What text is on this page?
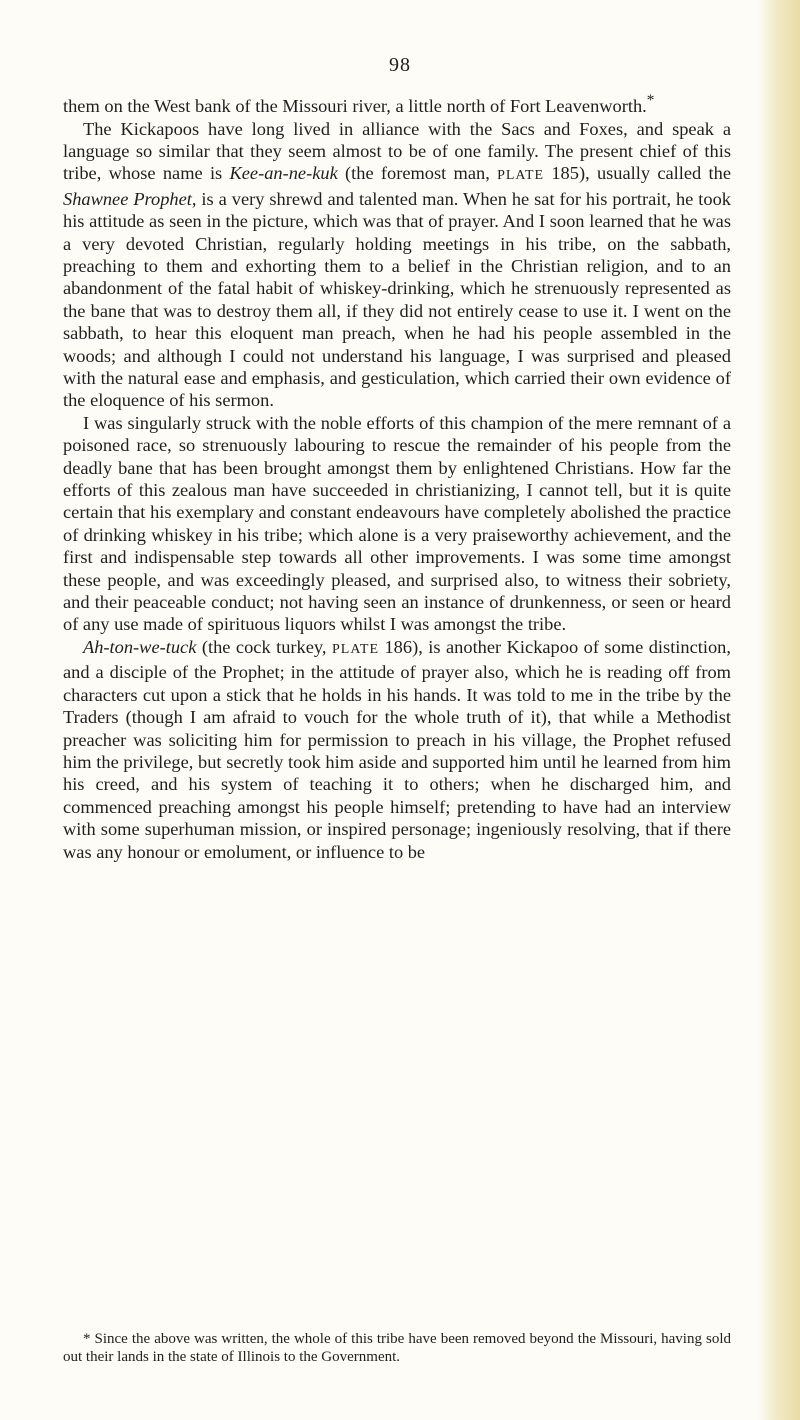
98

them on the West bank of the Missouri river, a little north of Fort Leavenworth.*

The Kickapoos have long lived in alliance with the Sacs and Foxes, and speak a language so similar that they seem almost to be of one family. The present chief of this tribe, whose name is Kee-an-ne-kuk (the foremost man, PLATE 185), usually called the Shawnee Prophet, is a very shrewd and talented man. When he sat for his portrait, he took his attitude as seen in the picture, which was that of prayer. And I soon learned that he was a very devoted Christian, regularly holding meetings in his tribe, on the sabbath, preaching to them and exhorting them to a belief in the Christian religion, and to an abandonment of the fatal habit of whiskey-drinking, which he strenuously represented as the bane that was to destroy them all, if they did not entirely cease to use it. I went on the sabbath, to hear this eloquent man preach, when he had his people assembled in the woods; and although I could not understand his language, I was surprised and pleased with the natural ease and emphasis, and gesticulation, which carried their own evidence of the eloquence of his sermon.

I was singularly struck with the noble efforts of this champion of the mere remnant of a poisoned race, so strenuously labouring to rescue the remainder of his people from the deadly bane that has been brought amongst them by enlightened Christians. How far the efforts of this zealous man have succeeded in christianizing, I cannot tell, but it is quite certain that his exemplary and constant endeavours have completely abolished the practice of drinking whiskey in his tribe; which alone is a very praiseworthy achievement, and the first and indispensable step towards all other improvements. I was some time amongst these people, and was exceedingly pleased, and surprised also, to witness their sobriety, and their peaceable conduct; not having seen an instance of drunkenness, or seen or heard of any use made of spirituous liquors whilst I was amongst the tribe.

Ah-ton-we-tuck (the cock turkey, PLATE 186), is another Kickapoo of some distinction, and a disciple of the Prophet; in the attitude of prayer also, which he is reading off from characters cut upon a stick that he holds in his hands. It was told to me in the tribe by the Traders (though I am afraid to vouch for the whole truth of it), that while a Methodist preacher was soliciting him for permission to preach in his village, the Prophet refused him the privilege, but secretly took him aside and supported him until he learned from him his creed, and his system of teaching it to others; when he discharged him, and commenced preaching amongst his people himself; pretending to have had an interview with some superhuman mission, or inspired personage; ingeniously resolving, that if there was any honour or emolument, or influence to be

* Since the above was written, the whole of this tribe have been removed beyond the Missouri, having sold out their lands in the state of Illinois to the Government.
